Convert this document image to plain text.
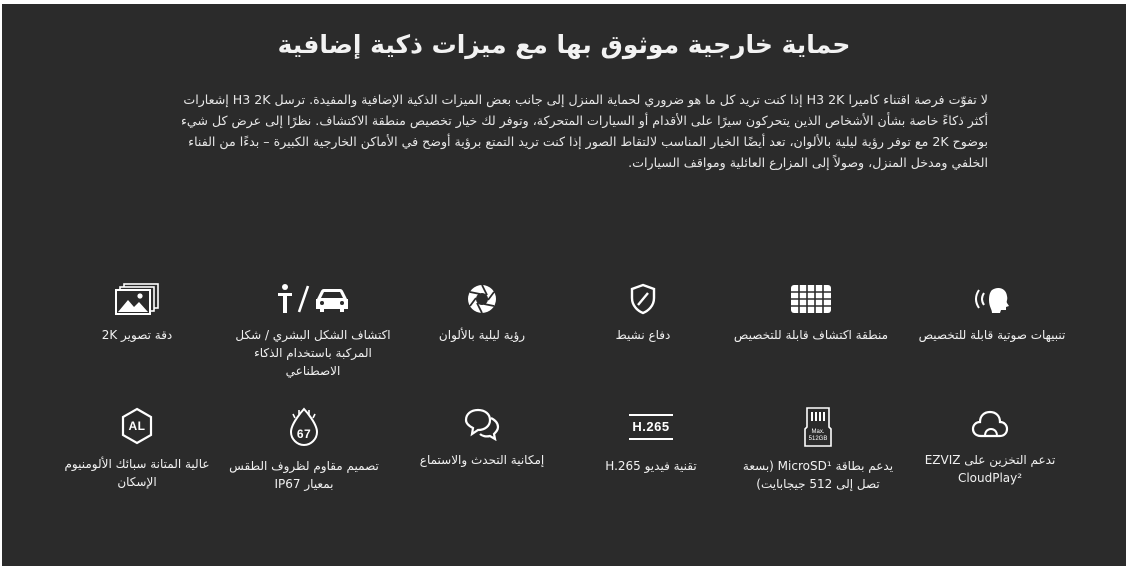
حماية خارجية موثوق بها مع ميزات ذكية إضافية

لا تفوّت فرصة اقتناء كاميرا H3 2K إذا كنت تريد كل ما هو ضروري لحماية المنزل إلى جانب بعض الميزات الذكية الإضافية والمفيدة. ترسل H3 2K إشعارات أكثر ذكاءً خاصة بشأن الأشخاص الذين يتحركون سيرًا على الأقدام أو السيارات المتحركة، وتوفر لك خيار تخصيص منطقة الاكتشاف. نظرًا إلى عرض كل شيء بوضوح 2K مع توفر رؤية ليلية بالألوان، تعد أيضًا الخيار المناسب لالتقاط الصور إذا كنت تريد التمتع برؤية أوضح في الأماكن الخارجية الكبيرة – بدءًا من الفناء الخلفي ومدخل المنزل، وصولاً إلى المزارع العائلية ومواقف السيارات.

تنبيهات صوتية قابلة للتخصيص
منطقة اكتشاف قابلة للتخصيص
دفاع نشيط
رؤية ليلية بالألوان
اكتشاف الشكل البشري / شكل المركبة باستخدام الذكاء الاصطناعي
دقة تصوير 2K
تدعم التخزين على EZVIZ CloudPlay²
Max.
512GB
يدعم بطاقة MicroSD¹ (بسعة تصل إلى 512 جيجابايت)
H.265
تقنية فيديو H.265
إمكانية التحدث والاستماع
67
تصميم مقاوم لظروف الطقس بمعيار IP67
AL
عالية المتانة سبائك الألومنيوم الإسكان
